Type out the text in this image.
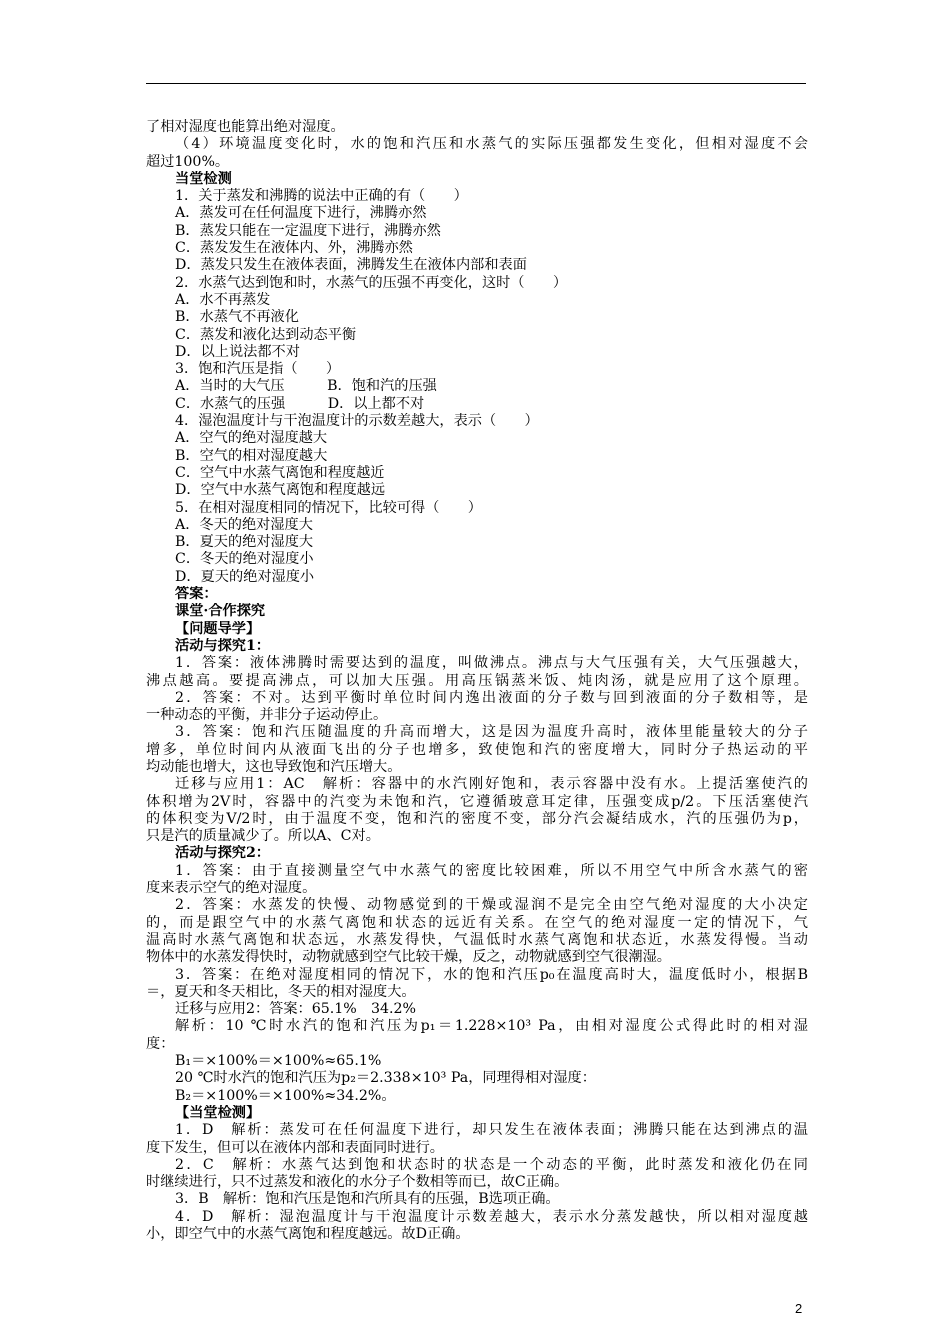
了相对湿度也能算出绝对湿度。
（4）环境温度变化时，水的饱和汽压和水蒸气的实际压强都发生变化，但相对湿度不会
超过100%。
当堂检测
1．关于蒸发和沸腾的说法中正确的有（　　）
A．蒸发可在任何温度下进行，沸腾亦然
B．蒸发只能在一定温度下进行，沸腾亦然
C．蒸发发生在液体内、外，沸腾亦然
D．蒸发只发生在液体表面，沸腾发生在液体内部和表面
2．水蒸气达到饱和时，水蒸气的压强不再变化，这时（　　）
A．水不再蒸发
B．水蒸气不再液化
C．蒸发和液化达到动态平衡
D．以上说法都不对
3．饱和汽压是指（　　）
A．当时的大气压　　　B．饱和汽的压强
C．水蒸气的压强　　　D．以上都不对
4．湿泡温度计与干泡温度计的示数差越大，表示（　　）
A．空气的绝对湿度越大
B．空气的相对湿度越大
C．空气中水蒸气离饱和程度越近
D．空气中水蒸气离饱和程度越远
5．在相对湿度相同的情况下，比较可得（　　）
A．冬天的绝对湿度大
B．夏天的绝对湿度大
C．冬天的绝对湿度小
D．夏天的绝对湿度小
答案：
课堂·合作探究
【问题导学】
活动与探究1：
1．答案：液体沸腾时需要达到的温度，叫做沸点。沸点与大气压强有关，大气压强越大，
沸点越高。要提高沸点，可以加大压强。用高压锅蒸米饭、炖肉汤，就是应用了这个原理。
2．答案：不对。达到平衡时单位时间内逸出液面的分子数与回到液面的分子数相等，是
一种动态的平衡，并非分子运动停止。
3．答案：饱和汽压随温度的升高而增大，这是因为温度升高时，液体里能量较大的分子
增多，单位时间内从液面飞出的分子也增多，致使饱和汽的密度增大，同时分子热运动的平
均动能也增大，这也导致饱和汽压增大。
迁移与应用1：AC　解析：容器中的水汽刚好饱和，表示容器中没有水。上提活塞使汽的
体积增为2V时，容器中的汽变为未饱和汽，它遵循玻意耳定律，压强变成p/2。下压活塞使汽
的体积变为V/2时，由于温度不变，饱和汽的密度不变，部分汽会凝结成水，汽的压强仍为p，
只是汽的质量减少了。所以A、C对。
活动与探究2：
1．答案：由于直接测量空气中水蒸气的密度比较困难，所以不用空气中所含水蒸气的密
度来表示空气的绝对湿度。
2．答案：水蒸发的快慢、动物感觉到的干燥或湿润不是完全由空气绝对湿度的大小决定
的，而是跟空气中的水蒸气离饱和状态的远近有关系。在空气的绝对湿度一定的情况下，气
温高时水蒸气离饱和状态远，水蒸发得快，气温低时水蒸气离饱和状态近，水蒸发得慢。当动
物体中的水蒸发得快时，动物就感到空气比较干燥，反之，动物就感到空气很潮湿。
3．答案：在绝对湿度相同的情况下，水的饱和汽压p₀在温度高时大，温度低时小，根据B
＝，夏天和冬天相比，冬天的相对湿度大。
迁移与应用2：答案：65.1%　34.2%
解析：10 ℃时水汽的饱和汽压为p₁＝1.228×10³ Pa，由相对湿度公式得此时的相对湿
度：
B₁＝×100%＝×100%≈65.1%
20 ℃时水汽的饱和汽压为p₂＝2.338×10³ Pa，同理得相对湿度：
B₂＝×100%＝×100%≈34.2%。
【当堂检测】
1．D　解析：蒸发可在任何温度下进行，却只发生在液体表面；沸腾只能在达到沸点的温
度下发生，但可以在液体内部和表面同时进行。
2．C　解析：水蒸气达到饱和状态时的状态是一个动态的平衡，此时蒸发和液化仍在同
时继续进行，只不过蒸发和液化的水分子个数相等而已，故C正确。
3．B　解析：饱和汽压是饱和汽所具有的压强，B选项正确。
4．D　解析：湿泡温度计与干泡温度计示数差越大，表示水分蒸发越快，所以相对湿度越
小，即空气中的水蒸气离饱和程度越远。故D正确。
2
